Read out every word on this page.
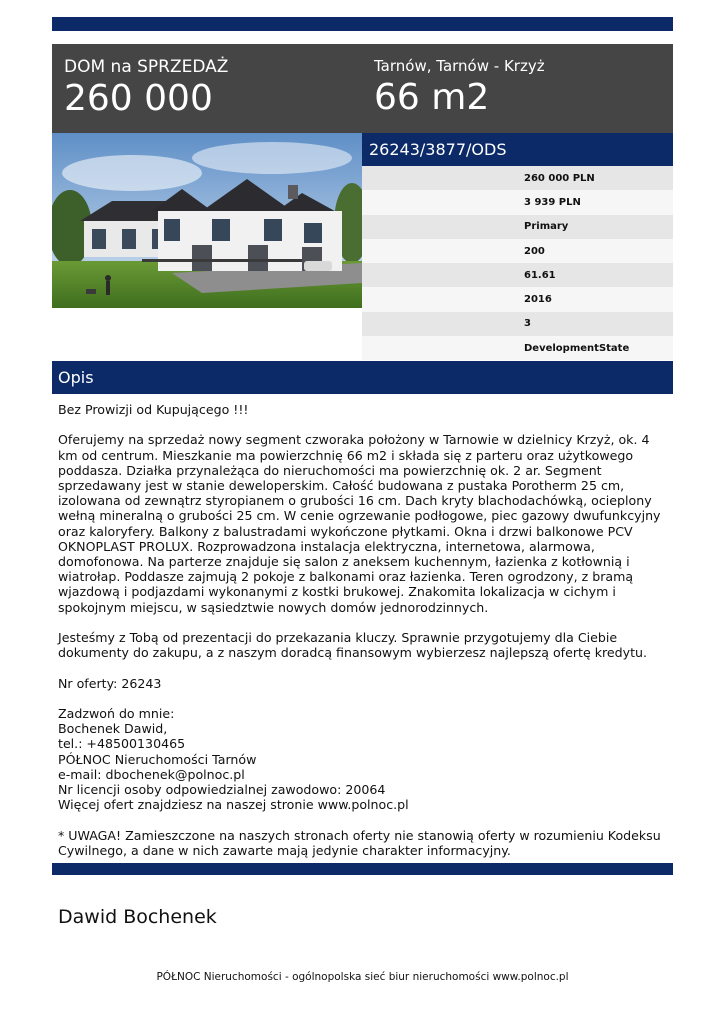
DOM na SPRZEDAŻ
260 000
Tarnów, Tarnów - Krzyż
66 m2
26243/3877/ODS
260 000 PLN
3 939 PLN
Primary
200
61.61
2016
3
DevelopmentState
Opis

Bez Prowizji od Kupującego !!!

Oferujemy na sprzedaż nowy segment czworaka położony w Tarnowie w dzielnicy Krzyż, ok. 4 km od centrum. Mieszkanie ma powierzchnię 66 m2 i składa się z parteru oraz użytkowego poddasza. Działka przynależąca do nieruchomości ma powierzchnię ok. 2 ar. Segment sprzedawany jest w stanie deweloperskim. Całość budowana z pustaka Porotherm 25 cm, izolowana od zewnątrz styropianem o grubości 16 cm. Dach kryty blachodachówką, ocieplony wełną mineralną o grubości 25 cm. W cenie ogrzewanie podłogowe, piec gazowy dwufunkcyjny oraz kaloryfery. Balkony z balustradami wykończone płytkami. Okna i drzwi balkonowe PCV OKNOPLAST PROLUX. Rozprowadzona instalacja elektryczna, internetowa, alarmowa, domofonowa. Na parterze znajduje się salon z aneksem kuchennym, łazienka z kotłownią i wiatrołap. Poddasze zajmują 2 pokoje z balkonami oraz łazienka. Teren ogrodzony, z bramą wjazdową i podjazdami wykonanymi z kostki brukowej. Znakomita lokalizacja w cichym i spokojnym miejscu, w sąsiedztwie nowych domów jednorodzinnych.

Jesteśmy z Tobą od prezentacji do przekazania kluczy. Sprawnie przygotujemy dla Ciebie dokumenty do zakupu, a z naszym doradcą finansowym wybierzesz najlepszą ofertę kredytu.

Nr oferty: 26243

Zadzwoń do mnie:
Bochenek Dawid,
tel.: +48500130465
PÓŁNOC Nieruchomości Tarnów
e-mail: dbochenek@polnoc.pl
Nr licencji osoby odpowiedzialnej zawodowo: 20064
Więcej ofert znajdziesz na naszej stronie www.polnoc.pl

* UWAGA! Zamieszczone na naszych stronach oferty nie stanowią oferty w rozumieniu Kodeksu Cywilnego, a dane w nich zawarte mają jedynie charakter informacyjny.

Dawid Bochenek
PÓŁNOC Nieruchomości - ogólnopolska sieć biur nieruchomości www.polnoc.pl
